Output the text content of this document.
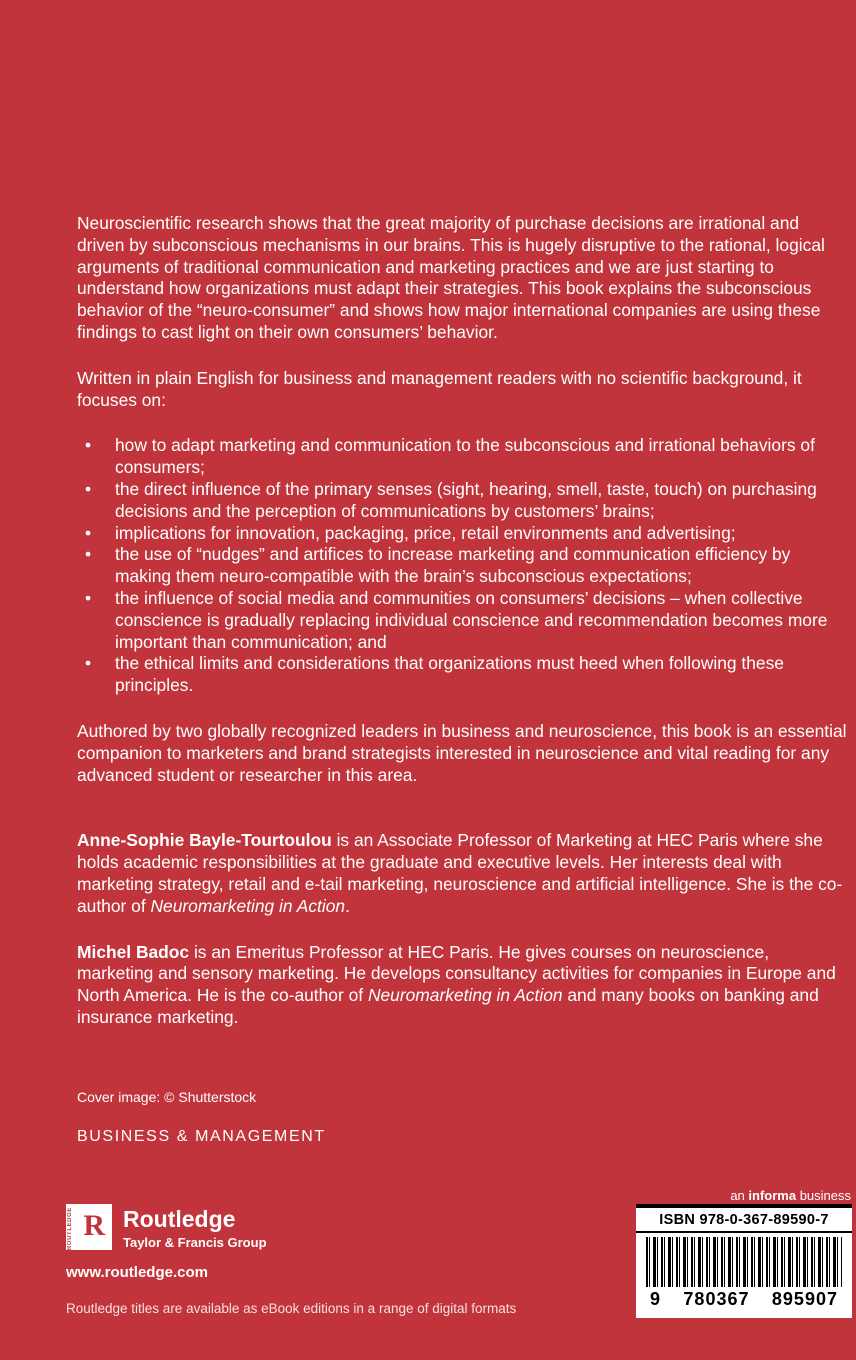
Neuroscientific research shows that the great majority of purchase decisions are irrational and driven by subconscious mechanisms in our brains. This is hugely disruptive to the rational, logical arguments of traditional communication and marketing practices and we are just starting to understand how organizations must adapt their strategies. This book explains the subconscious behavior of the “neuro-consumer” and shows how major international companies are using these findings to cast light on their own consumers’ behavior.

Written in plain English for business and management readers with no scientific background, it focuses on:

• how to adapt marketing and communication to the subconscious and irrational behaviors of consumers;
• the direct influence of the primary senses (sight, hearing, smell, taste, touch) on purchasing decisions and the perception of communications by customers’ brains;
• implications for innovation, packaging, price, retail environments and advertising;
• the use of “nudges” and artifices to increase marketing and communication efficiency by making them neuro-compatible with the brain’s subconscious expectations;
• the influence of social media and communities on consumers’ decisions – when collective conscience is gradually replacing individual conscience and recommendation becomes more important than communication; and
• the ethical limits and considerations that organizations must heed when following these principles.

Authored by two globally recognized leaders in business and neuroscience, this book is an essential companion to marketers and brand strategists interested in neuroscience and vital reading for any advanced student or researcher in this area.

Anne-Sophie Bayle-Tourtoulou is an Associate Professor of Marketing at HEC Paris where she holds academic responsibilities at the graduate and executive levels. Her interests deal with marketing strategy, retail and e-tail marketing, neuroscience and artificial intelligence. She is the co-author of Neuromarketing in Action.

Michel Badoc is an Emeritus Professor at HEC Paris. He gives courses on neuroscience, marketing and sensory marketing. He develops consultancy activities for companies in Europe and North America. He is the co-author of Neuromarketing in Action and many books on banking and insurance marketing.

Cover image: © Shutterstock
BUSINESS & MANAGEMENT
an informa business
ROUTLEDGE R Routledge
Taylor & Francis Group
www.routledge.com
Routledge titles are available as eBook editions in a range of digital formats
ISBN 978-0-367-89590-7
9 780367 895907
